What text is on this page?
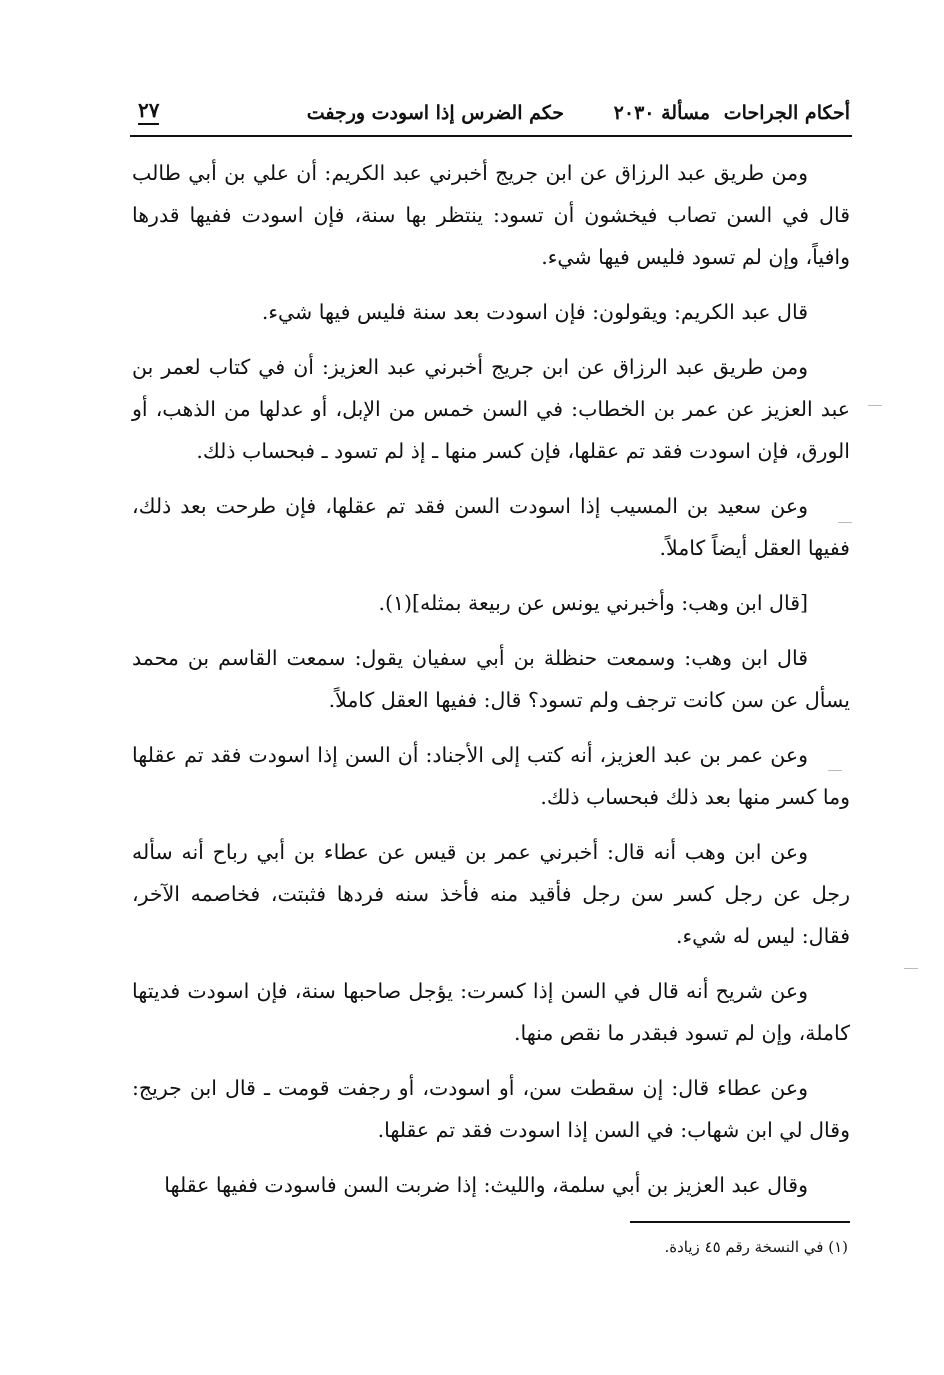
أحكام الجراحات
مسألة ٢٠٣٠
حكم الضرس إذا اسودت ورجفت
٢٧

ومن طريق عبد الرزاق عن ابن جريج أخبرني عبد الكريم: أن علي بن أبي طالب قال في السن تصاب فيخشون أن تسود: ينتظر بها سنة، فإن اسودت ففيها قدرها وافياً، وإن لم تسود فليس فيها شيء.

قال عبد الكريم: ويقولون: فإن اسودت بعد سنة فليس فيها شيء.

ومن طريق عبد الرزاق عن ابن جريج أخبرني عبد العزيز: أن في كتاب لعمر بن عبد العزيز عن عمر بن الخطاب: في السن خمس من الإبل، أو عدلها من الذهب، أو الورق، فإن اسودت فقد تم عقلها، فإن كسر منها ـ إذ لم تسود ـ فبحساب ذلك.

وعن سعيد بن المسيب إذا اسودت السن فقد تم عقلها، فإن طرحت بعد ذلك، ففيها العقل أيضاً كاملاً.

[قال ابن وهب: وأخبرني يونس عن ربيعة بمثله](١).

قال ابن وهب: وسمعت حنظلة بن أبي سفيان يقول: سمعت القاسم بن محمد يسأل عن سن كانت ترجف ولم تسود؟ قال: ففيها العقل كاملاً.

وعن عمر بن عبد العزيز، أنه كتب إلى الأجناد: أن السن إذا اسودت فقد تم عقلها وما كسر منها بعد ذلك فبحساب ذلك.

وعن ابن وهب أنه قال: أخبرني عمر بن قيس عن عطاء بن أبي رباح أنه سأله رجل عن رجل كسر سن رجل فأقيد منه فأخذ سنه فردها فثبتت، فخاصمه الآخر، فقال: ليس له شيء.

وعن شريح أنه قال في السن إذا كسرت: يؤجل صاحبها سنة، فإن اسودت فديتها كاملة، وإن لم تسود فبقدر ما نقص منها.

وعن عطاء قال: إن سقطت سن، أو اسودت، أو رجفت قومت ـ قال ابن جريج: وقال لي ابن شهاب: في السن إذا اسودت فقد تم عقلها.

وقال عبد العزيز بن أبي سلمة، والليث: إذا ضربت السن فاسودت ففيها عقلها

(١) في النسخة رقم ٤٥ زيادة.
